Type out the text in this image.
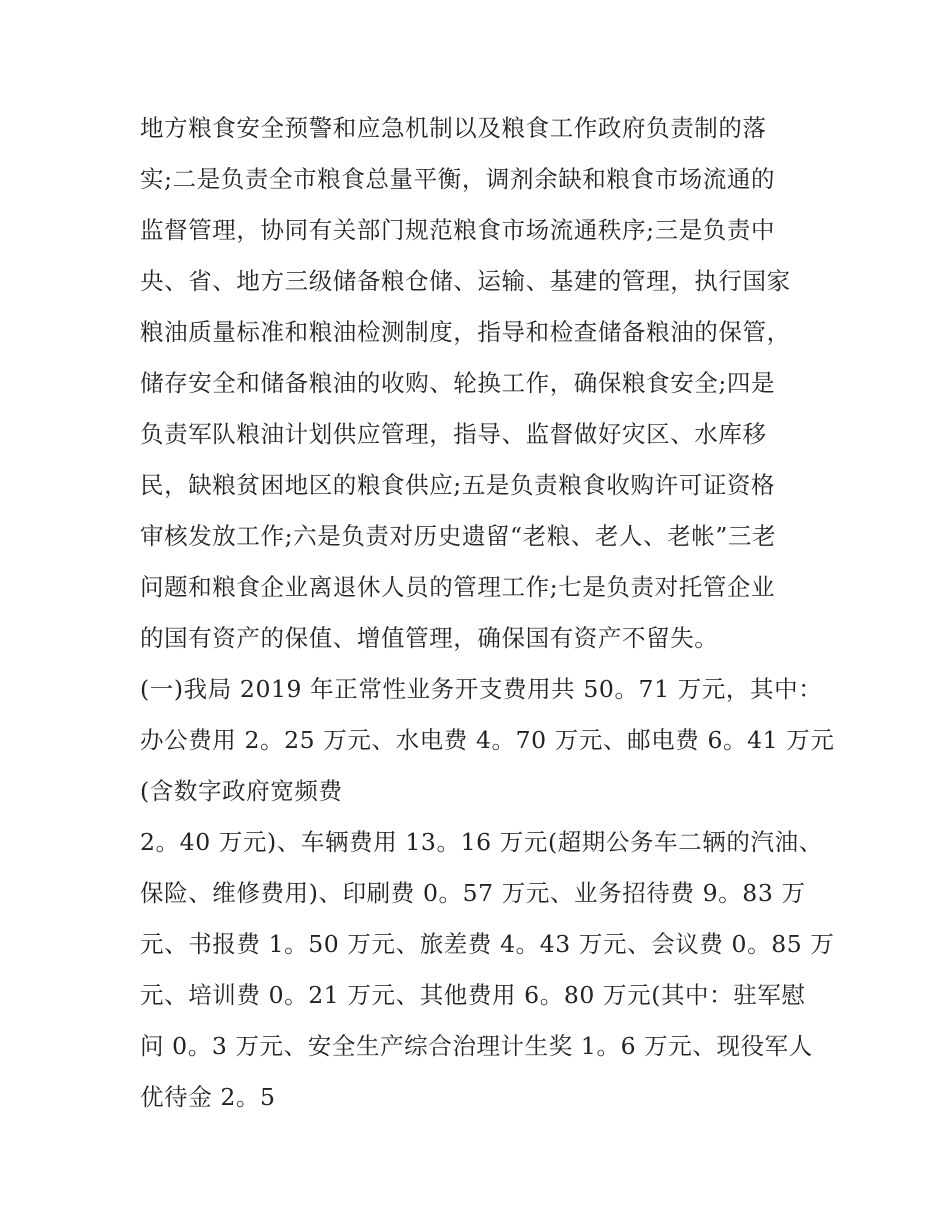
地方粮食安全预警和应急机制以及粮食工作政府负责制的落
实;二是负责全市粮食总量平衡，调剂余缺和粮食市场流通的
监督管理，协同有关部门规范粮食市场流通秩序;三是负责中
央、省、地方三级储备粮仓储、运输、基建的管理，执行国家
粮油质量标准和粮油检测制度，指导和检查储备粮油的保管，
储存安全和储备粮油的收购、轮换工作，确保粮食安全;四是
负责军队粮油计划供应管理，指导、监督做好灾区、水库移
民，缺粮贫困地区的粮食供应;五是负责粮食收购许可证资格
审核发放工作;六是负责对历史遗留“老粮、老人、老帐”三老
问题和粮食企业离退休人员的管理工作;七是负责对托管企业
的国有资产的保值、增值管理，确保国有资产不留失。
(一)我局 2019 年正常性业务开支费用共 50。71 万元，其中：
办公费用 2。25 万元、水电费 4。70 万元、邮电费 6。41 万元
(含数字政府宽频费
2。40 万元)、车辆费用 13。16 万元(超期公务车二辆的汽油、
保险、维修费用)、印刷费 0。57 万元、业务招待费 9。83 万
元、书报费 1。50 万元、旅差费 4。43 万元、会议费 0。85 万
元、培训费 0。21 万元、其他费用 6。80 万元(其中：驻军慰
问 0。3 万元、安全生产综合治理计生奖 1。6 万元、现役军人
优待金 2。5
